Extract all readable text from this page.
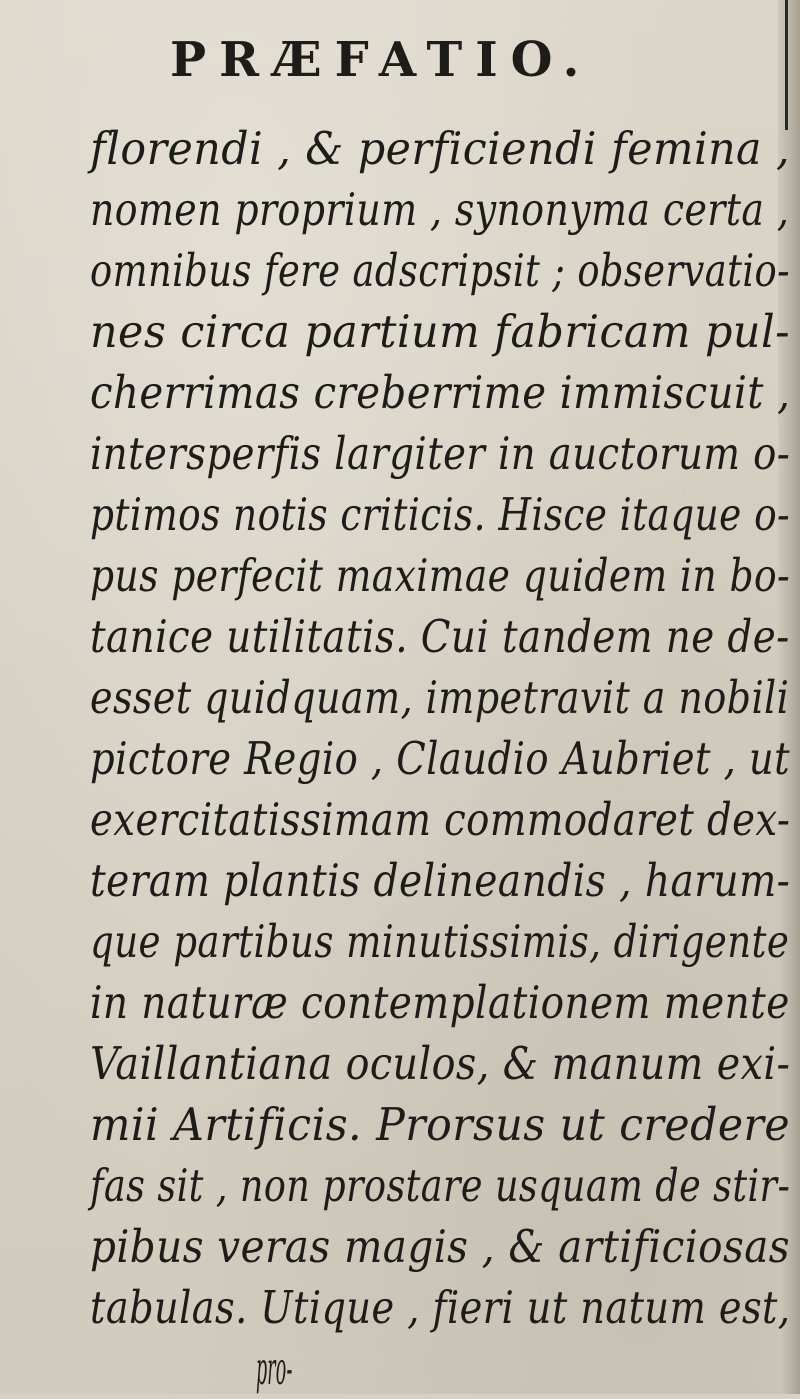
PRÆFATIO.
florendi , & perficiendi femina ,
nomen proprium , synonyma certa ,
omnibus fere adscripsit ; observatio-
nes circa partium fabricam pul-
cherrimas creberrime immiscuit ,
intersperfis largiter in auctorum o-
ptimos notis criticis. Hisce itaque o-
pus perfecit maximae quidem in bo-
tanice utilitatis. Cui tandem ne de-
esset quidquam, impetravit a nobili
pictore Regio , Claudio Aubriet , ut
exercitatissimam commodaret dex-
teram plantis delineandis , harum-
que partibus minutissimis, dirigente
in naturæ contemplationem mente
Vaillantiana oculos, & manum exi-
mii Artificis. Prorsus ut credere
fas sit , non prostare usquam de stir-
pibus veras magis , & artificiosas
tabulas. Utique , fieri ut natum est,
pro-
